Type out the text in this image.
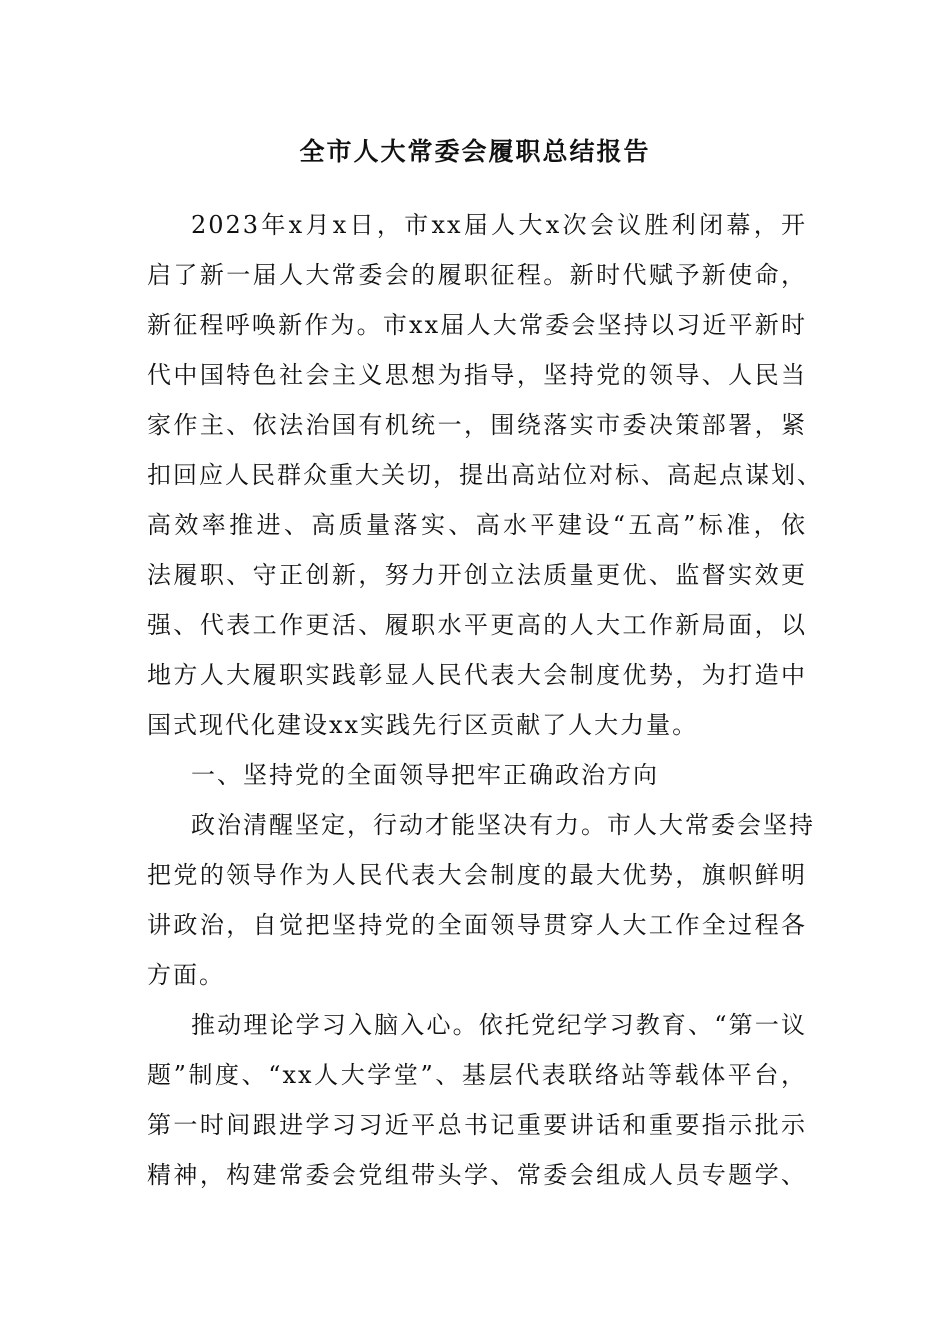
全市人大常委会履职总结报告
2023年x月x日，市xx届人大x次会议胜利闭幕，开
启了新一届人大常委会的履职征程。新时代赋予新使命，
新征程呼唤新作为。市xx届人大常委会坚持以习近平新时
代中国特色社会主义思想为指导，坚持党的领导、人民当
家作主、依法治国有机统一，围绕落实市委决策部署，紧
扣回应人民群众重大关切，提出高站位对标、高起点谋划、
高效率推进、高质量落实、高水平建设“五高”标准，依
法履职、守正创新，努力开创立法质量更优、监督实效更
强、代表工作更活、履职水平更高的人大工作新局面，以
地方人大履职实践彰显人民代表大会制度优势，为打造中
国式现代化建设xx实践先行区贡献了人大力量。
一、坚持党的全面领导把牢正确政治方向
政治清醒坚定，行动才能坚决有力。市人大常委会坚持
把党的领导作为人民代表大会制度的最大优势，旗帜鲜明
讲政治，自觉把坚持党的全面领导贯穿人大工作全过程各
方面。
推动理论学习入脑入心。依托党纪学习教育、“第一议
题”制度、“xx人大学堂”、基层代表联络站等载体平台，
第一时间跟进学习习近平总书记重要讲话和重要指示批示
精神，构建常委会党组带头学、常委会组成人员专题学、
